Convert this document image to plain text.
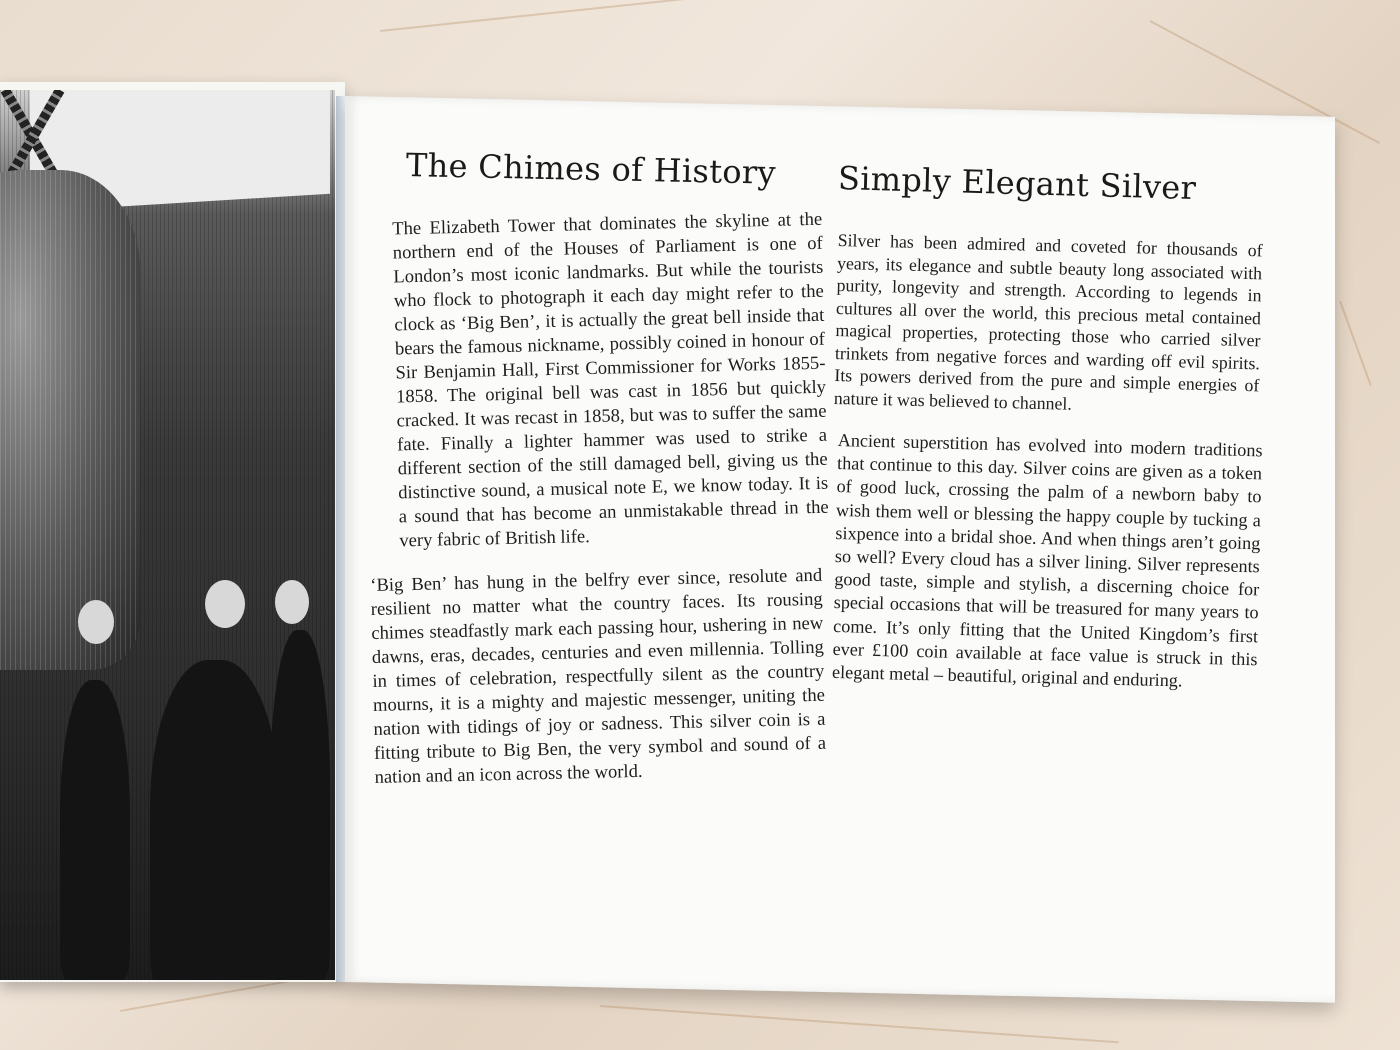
The Chimes of History

The Elizabeth Tower that dominates the skyline at the northern end of the Houses of Parliament is one of London’s most iconic landmarks. But while the tourists who flock to photograph it each day might refer to the clock as ‘Big Ben’, it is actually the great bell inside that bears the famous nickname, possibly coined in honour of Sir Benjamin Hall, First Commissioner for Works 1855-1858. The original bell was cast in 1856 but quickly cracked. It was recast in 1858, but was to suffer the same fate. Finally a lighter hammer was used to strike a different section of the still damaged bell, giving us the distinctive sound, a musical note E, we know today. It is a sound that has become an unmistakable thread in the very fabric of British life.

‘Big Ben’ has hung in the belfry ever since, resolute and resilient no matter what the country faces. Its rousing chimes steadfastly mark each passing hour, ushering in new dawns, eras, decades, centuries and even millennia. Tolling in times of celebration, respectfully silent as the country mourns, it is a mighty and majestic messenger, uniting the nation with tidings of joy or sadness. This silver coin is a fitting tribute to Big Ben, the very symbol and sound of a nation and an icon across the world.

Simply Elegant Silver

Silver has been admired and coveted for thousands of years, its elegance and subtle beauty long associated with purity, longevity and strength. According to legends in cultures all over the world, this precious metal contained magical properties, protecting those who carried silver trinkets from negative forces and warding off evil spirits. Its powers derived from the pure and simple energies of nature it was believed to channel.

Ancient superstition has evolved into modern traditions that continue to this day. Silver coins are given as a token of good luck, crossing the palm of a newborn baby to wish them well or blessing the happy couple by tucking a sixpence into a bridal shoe. And when things aren’t going so well? Every cloud has a silver lining. Silver represents good taste, simple and stylish, a discerning choice for special occasions that will be treasured for many years to come. It’s only fitting that the United Kingdom’s first ever £100 coin available at face value is struck in this elegant metal – beautiful, original and enduring.
